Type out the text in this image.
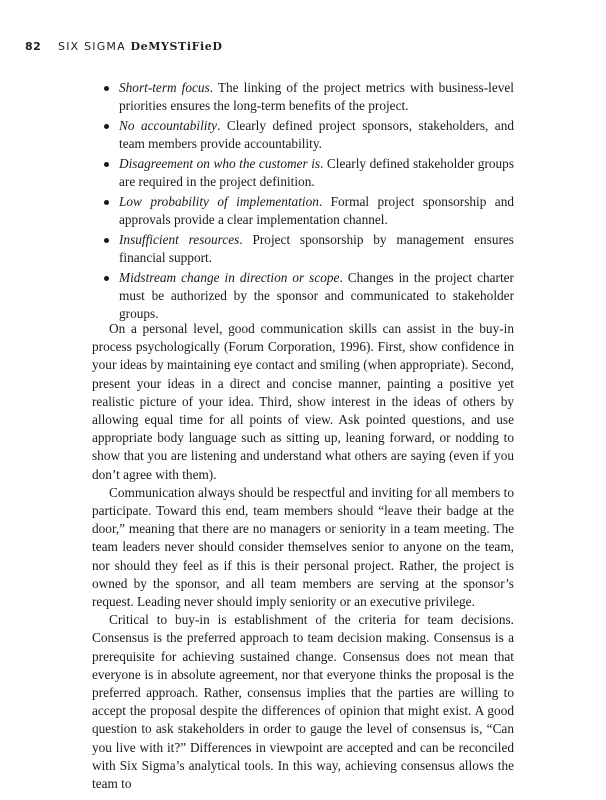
82 SIX SIGMA DeMYSTiFieD
Short-term focus. The linking of the project metrics with business-level priorities ensures the long-term benefits of the project.
No accountability. Clearly defined project sponsors, stakeholders, and team members provide accountability.
Disagreement on who the customer is. Clearly defined stakeholder groups are required in the project definition.
Low probability of implementation. Formal project sponsorship and approvals provide a clear implementation channel.
Insufficient resources. Project sponsorship by management ensures financial support.
Midstream change in direction or scope. Changes in the project charter must be authorized by the sponsor and communicated to stakeholder groups.

On a personal level, good communication skills can assist in the buy-in process psychologically (Forum Corporation, 1996). First, show confidence in your ideas by maintaining eye contact and smiling (when appropriate). Second, present your ideas in a direct and concise manner, painting a positive yet realistic picture of your idea. Third, show interest in the ideas of others by allowing equal time for all points of view. Ask pointed questions, and use appropriate body language such as sitting up, leaning forward, or nodding to show that you are listening and understand what others are saying (even if you don’t agree with them).

Communication always should be respectful and inviting for all members to participate. Toward this end, team members should “leave their badge at the door,” meaning that there are no managers or seniority in a team meeting. The team leaders never should consider themselves senior to anyone on the team, nor should they feel as if this is their personal project. Rather, the project is owned by the sponsor, and all team members are serving at the sponsor’s request. Leading never should imply seniority or an executive privilege.

Critical to buy-in is establishment of the criteria for team decisions. Consensus is the preferred approach to team decision making. Consensus is a prerequisite for achieving sustained change. Consensus does not mean that everyone is in absolute agreement, nor that everyone thinks the proposal is the preferred approach. Rather, consensus implies that the parties are willing to accept the proposal despite the differences of opinion that might exist. A good question to ask stakeholders in order to gauge the level of consensus is, “Can you live with it?” Differences in viewpoint are accepted and can be reconciled with Six Sigma’s analytical tools. In this way, achieving consensus allows the team to
